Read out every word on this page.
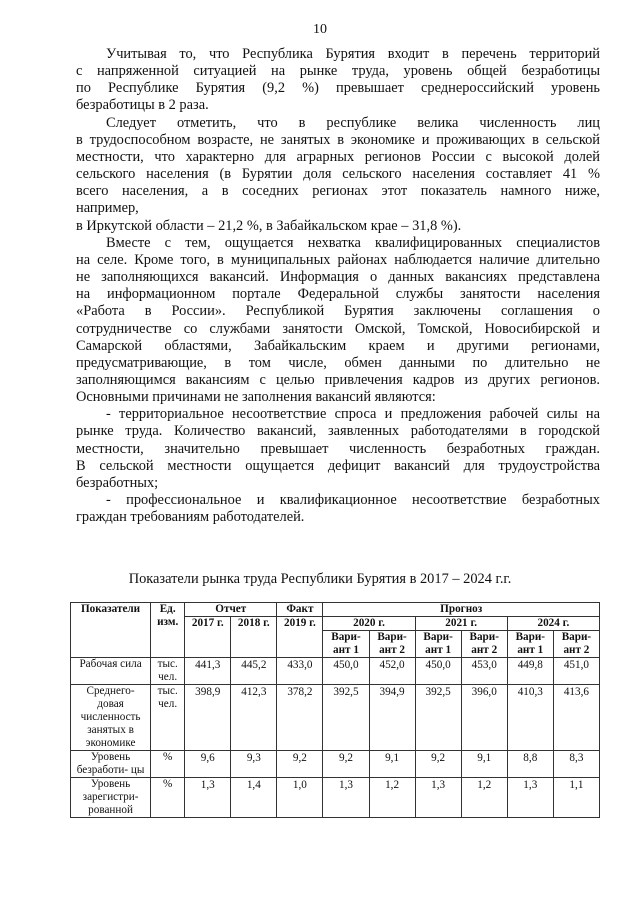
10

Учитывая то, что Республика Бурятия входит в перечень территорий
с напряженной ситуацией на рынке труда, уровень общей безработицы
по Республике Бурятия (9,2 %) превышает среднероссийский уровень
безработицы в 2 раза.

Следует отметить, что в республике велика численность лиц
в трудоспособном возрасте, не занятых в экономике и проживающих в сельской
местности, что характерно для аграрных регионов России с высокой долей
сельского населения (в Бурятии доля сельского населения составляет 41 %
всего населения, а в соседних регионах этот показатель намного ниже,
например,
в Иркутской области – 21,2 %, в Забайкальском крае – 31,8 %).

Вместе с тем, ощущается нехватка квалифицированных специалистов
на селе. Кроме того, в муниципальных районах наблюдается наличие длительно
не заполняющихся вакансий. Информация о данных вакансиях представлена
на информационном портале Федеральной службы занятости населения
«Работа в России». Республикой Бурятия заключены соглашения о
сотрудничестве со службами занятости Омской, Томской, Новосибирской и
Самарской областями, Забайкальским краем и другими регионами,
предусматривающие, в том числе, обмен данными по длительно не
заполняющимся вакансиям с целью привлечения кадров из других регионов.
Основными причинами не заполнения вакансий являются:

- территориальное несоответствие спроса и предложения рабочей силы на
рынке труда. Количество вакансий, заявленных работодателями в городской
местности, значительно превышает численность безработных граждан.
В сельской местности ощущается дефицит вакансий для трудоустройства
безработных;

- профессиональное и квалификационное несоответствие безработных
граждан требованиям работодателей.

Показатели рынка труда Республики Бурятия в 2017 – 2024 г.г.
Показатели	Ед. изм.	Отчет		Факт	Прогноз					
		2017 г.	2018 г.	2019 г.	2020 г.		2021 г.		2024 г.	
					Вари- ант 1	Вари- ант 2	Вари- ант 1	Вари- ант 2	Вари- ант 1	Вари- ант 2
Рабочая сила	тыс. чел.	441,3	445,2	433,0	450,0	452,0	450,0	453,0	449,8	451,0
Среднего- довая численность занятых в экономике	тыс. чел.	398,9	412,3	378,2	392,5	394,9	392,5	396,0	410,3	413,6
Уровень безработи- цы	%	9,6	9,3	9,2	9,2	9,1	9,2	9,1	8,8	8,3
Уровень зарегистри- рованной	%	1,3	1,4	1,0	1,3	1,2	1,3	1,2	1,3	1,1
